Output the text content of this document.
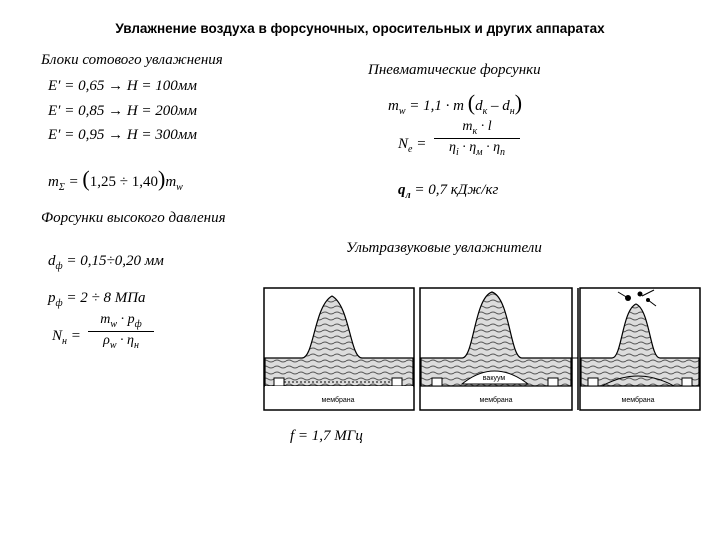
Увлажнение воздуха в форсуночных, оросительных и других аппаратах
Блоки сотового увлажнения
E′ = 0,65 → H = 100мм
E′ = 0,85 → H = 200мм
E′ = 0,95 → H = 300мм
$m_\Sigma = (1,25 \div 1,40)m_w$
Пневматические форсунки
$m_w = 1,1 \cdot m$ $(d_к - d_н)$
$N_e$ =
$m_к \cdot l$
$\eta_i \cdot \eta_м \cdot \eta_п$
$q_л = 0,7$ кДж/кг
Форсунки высокого давления
$d_ф = 0,15\div 0,20$ мм
$p_ф = 2 \div 8$ МПа
$N_н$ =
$m_w \cdot p_ф$
$\rho_w \cdot \eta_н$
Ультразвуковые увлажнители
мембрана
вакуум
мембрана	мембрана
f = 1,7 МГц
